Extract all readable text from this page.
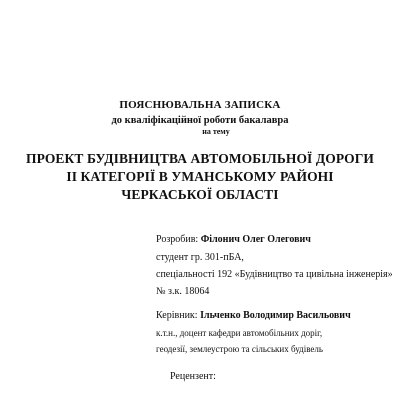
ПОЯСНЮВАЛЬНА ЗАПИСКА
до кваліфікаційної роботи бакалавра
на тему
ПРОЕКТ БУДІВНИЦТВА АВТОМОБІЛЬНОЇ ДОРОГИ
ІІ КАТЕГОРІЇ В УМАНСЬКОМУ РАЙОНІ
ЧЕРКАСЬКОЇ ОБЛАСТІ
Розробив: Філонич Олег Олегович
студент гр. 301-пБА,
спеціальності 192 «Будівництво та цивільна інженерія»
№ з.к. 18064
Керівник: Ільченко Володимир Васильович
к.т.н., доцент кафедри автомобільних доріг,
геодезії, землеустрою та сільських будівель
Рецензент:
